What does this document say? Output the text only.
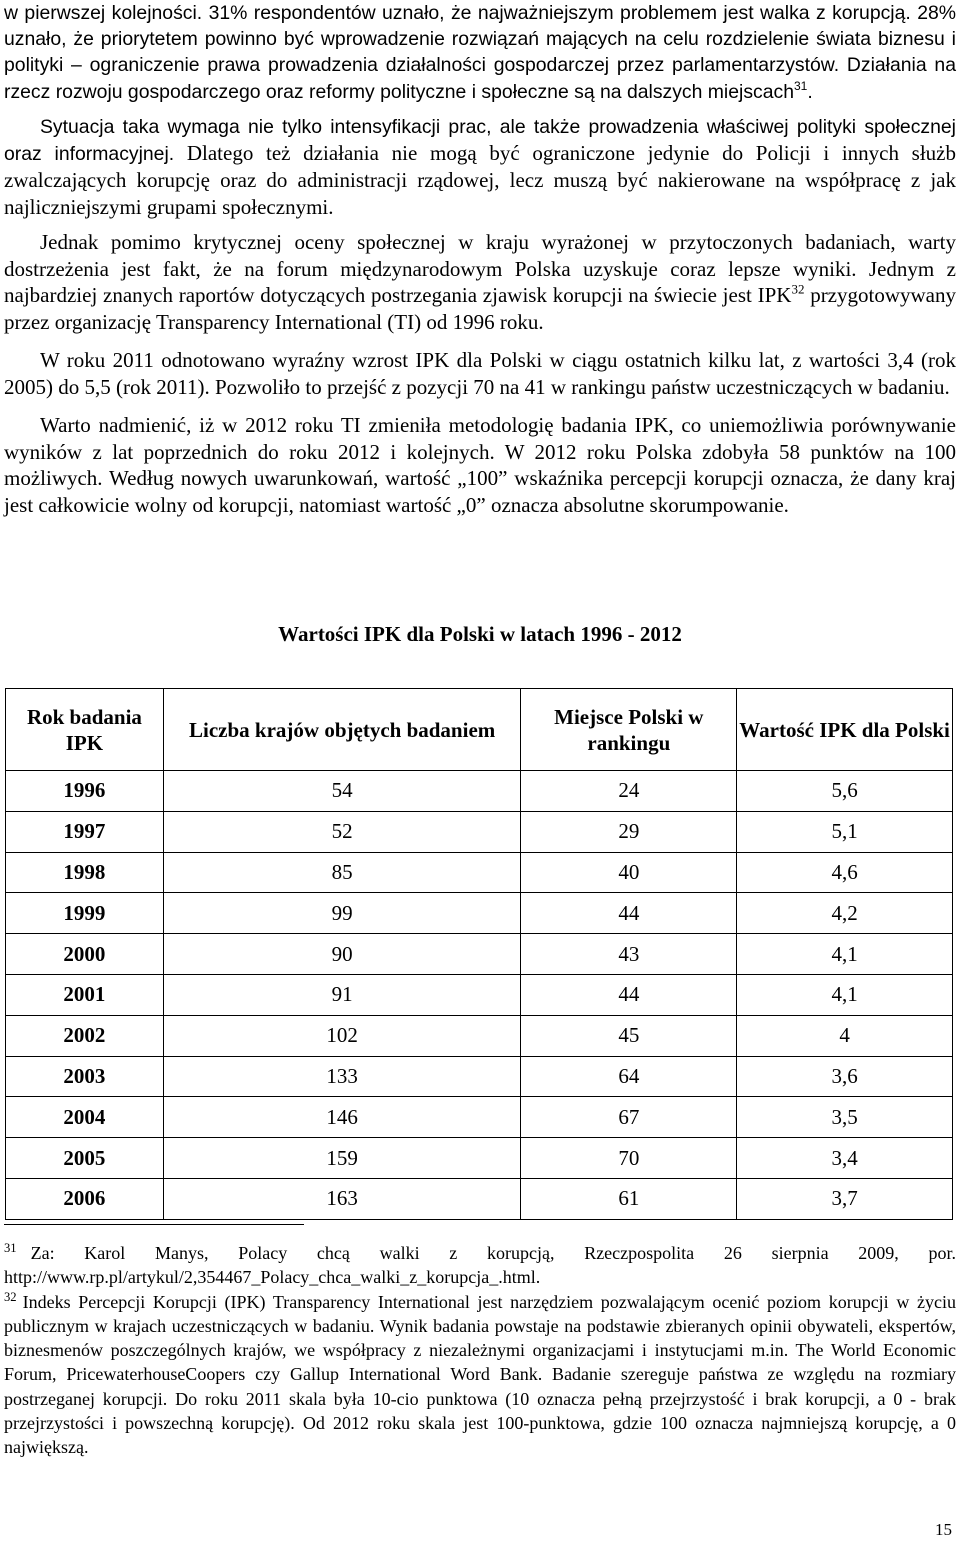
w pierwszej kolejności. 31% respondentów uznało, że najważniejszym problemem jest walka z korupcją. 28% uznało, że priorytetem powinno być wprowadzenie rozwiązań mających na celu rozdzielenie świata biznesu i polityki – ograniczenie prawa prowadzenia działalności gospodarczej przez parlamentarzystów. Działania na rzecz rozwoju gospodarczego oraz reformy polityczne i społeczne są na dalszych miejscach$^{31}$.

Sytuacja taka wymaga nie tylko intensyfikacji prac, ale także prowadzenia właściwej polityki społecznej oraz informacyjnej. Dlatego też działania nie mogą być ograniczone jedynie do Policji i innych służb zwalczających korupcję oraz do administracji rządowej, lecz muszą być nakierowane na współpracę z jak najliczniejszymi grupami społecznymi.

Jednak pomimo krytycznej oceny społecznej w kraju wyrażonej w przytoczonych badaniach, warty dostrzeżenia jest fakt, że na forum międzynarodowym Polska uzyskuje coraz lepsze wyniki. Jednym z najbardziej znanych raportów dotyczących postrzegania zjawisk korupcji na świecie jest IPK$^{32}$ przygotowywany przez organizację Transparency International (TI) od 1996 roku.

W roku 2011 odnotowano wyraźny wzrost IPK dla Polski w ciągu ostatnich kilku lat, z wartości 3,4 (rok 2005) do 5,5 (rok 2011). Pozwoliło to przejść z pozycji 70 na 41 w rankingu państw uczestniczących w badaniu.

Warto nadmienić, iż w 2012 roku TI zmieniła metodologię badania IPK, co uniemożliwia porównywanie wyników z lat poprzednich do roku 2012 i kolejnych. W 2012 roku Polska zdobyła 58 punktów na 100 możliwych. Według nowych uwarunkowań, wartość „100” wskaźnika percepcji korupcji oznacza, że dany kraj jest całkowicie wolny od korupcji, natomiast wartość „0” oznacza absolutne skorumpowanie.

Wartości IPK dla Polski w latach 1996 - 2012
Rok badania IPK	Liczba krajów objętych badaniem	Miejsce Polski w rankingu	Wartość IPK dla Polski
1996	54	24	5,6
1997	52	29	5,1
1998	85	40	4,6
1999	99	44	4,2
2000	90	43	4,1
2001	91	44	4,1
2002	102	45	4
2003	133	64	3,6
2004	146	67	3,5
2005	159	70	3,4
2006	163	61	3,7

$^{31}$ Za: Karol Manys, Polacy chcą walki z korupcją, Rzeczpospolita 26 sierpnia 2009, por. http://www.rp.pl/artykul/2,354467_Polacy_chca_walki_z_korupcja_.html.

$^{32}$ Indeks Percepcji Korupcji (IPK) Transparency International jest narzędziem pozwalającym ocenić poziom korupcji w życiu publicznym w krajach uczestniczących w badaniu. Wynik badania powstaje na podstawie zbieranych opinii obywateli, ekspertów, biznesmenów poszczególnych krajów, we współpracy z niezależnymi organizacjami i instytucjami m.in. The World Economic Forum, PricewaterhouseCoopers czy Gallup International Word Bank. Badanie szereguje państwa ze względu na rozmiary postrzeganej korupcji. Do roku 2011 skala była 10-cio punktowa (10 oznacza pełną przejrzystość i brak korupcji, a 0 - brak przejrzystości i powszechną korupcję). Od 2012 roku skala jest 100-punktowa, gdzie 100 oznacza najmniejszą korupcję, a 0 największą.

15
